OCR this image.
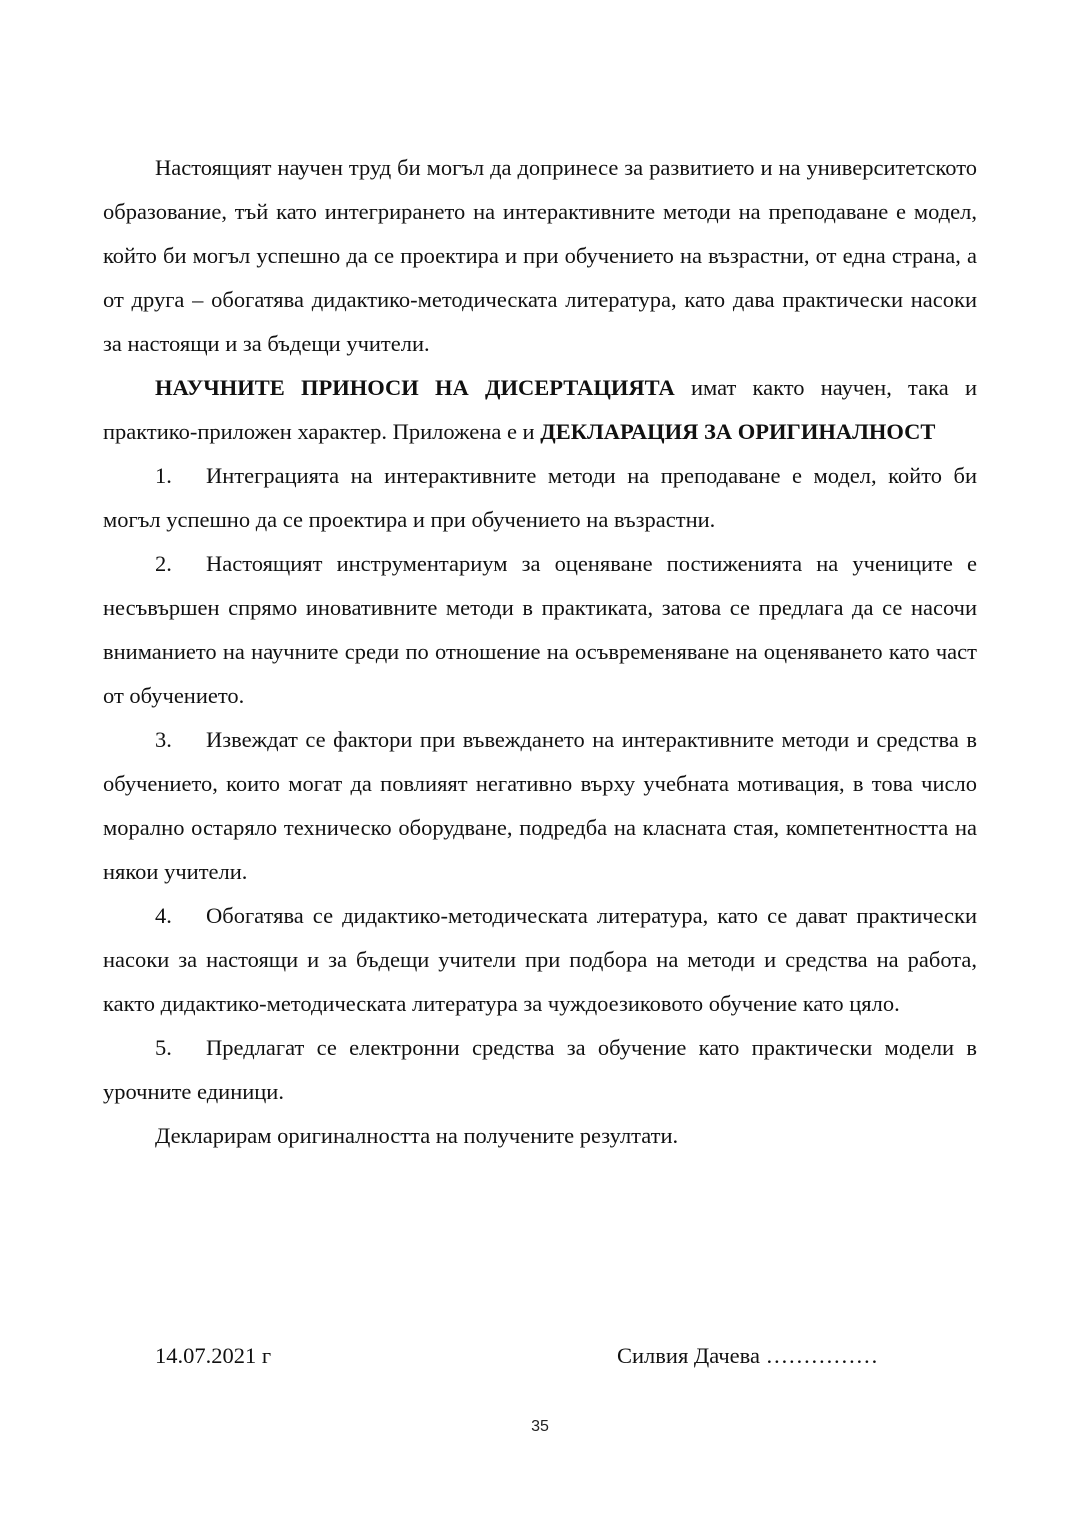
Настоящият научен труд би могъл да допринесе за развитието и на университетското образование, тъй като интегрирането на интерактивните методи на преподаване е модел, който би могъл успешно да се проектира и при обучението на възрастни, от една страна, а от друга – обогатява дидактико-методическата литература, като дава практически насоки за настоящи и за бъдещи учители.

НАУЧНИТЕ ПРИНОСИ НА ДИСЕРТАЦИЯТА имат както научен, така и практико-приложен характер. Приложена е и ДЕКЛАРАЦИЯ ЗА ОРИГИНАЛНОСТ

1. Интеграцията на интерактивните методи на преподаване е модел, който би могъл успешно да се проектира и при обучението на възрастни.

2. Настоящият инструментариум за оценяване постиженията на учениците е несъвършен спрямо иновативните методи в практиката, затова се предлага да се насочи вниманието на научните среди по отношение на осъвременяване на оценяването като част от обучението.

3. Извеждат се фактори при въвеждането на интерактивните методи и средства в обучението, които могат да повлияят негативно върху учебната мотивация, в това число морално остаряло техническо оборудване, подредба на класната стая, компетентността на някои учители.

4. Обогатява се дидактико-методическата литература, като се дават практически насоки за настоящи и за бъдещи учители при подбора на методи и средства на работа, както дидактико-методическата литература за чуждоезиковото обучение като цяло.

5. Предлагат се електронни средства за обучение като практически модели в урочните единици.

Декларирам оригиналността на получените резултати.

14.07.2021 г	Силвия Дачева ……………
35
